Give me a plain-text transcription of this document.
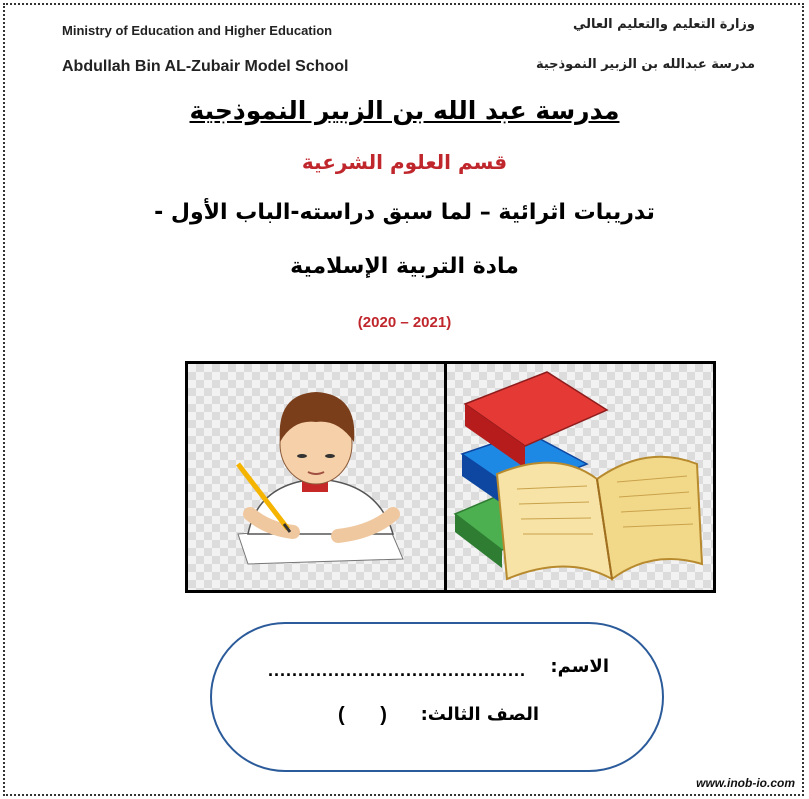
Ministry of Education and Higher Education
Abdullah Bin AL-Zubair Model School
وزارة التعليم والتعليم العالي
مدرسة عبدالله بن الزبير النموذجية
مدرسة عبد الله بن الزبير النموذجية
قسم العلوم الشرعية
تدريبات اثرائية – لما سبق دراسته-الباب الأول -
مادة التربية الإسلامية
(2020 – 2021)
الاسم:
...........................................
الصف الثالث:
( )
www.inob-io.com
